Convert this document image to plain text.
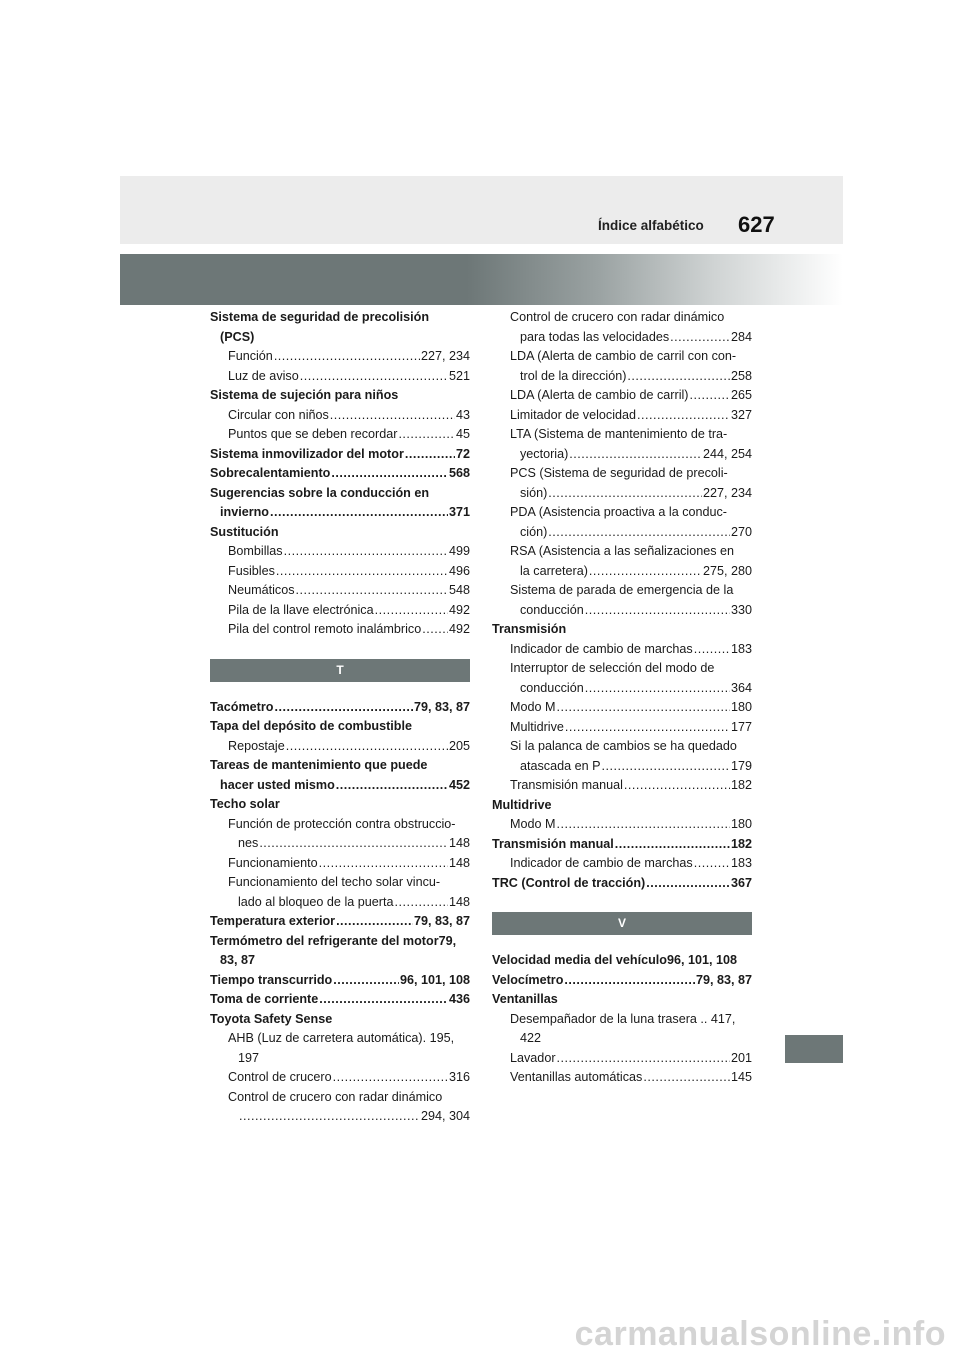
Índice alfabético 627
Sistema de seguridad de precolisión
(PCS)
Función .....	227, 234
Luz de aviso .....	521
Sistema de sujeción para niños
Circular con niños .....	43
Puntos que se deben recordar .....	45
Sistema inmovilizador del motor .....	72
Sobrecalentamiento .....	568
Sugerencias sobre la conducción en
invierno .....	371
Sustitución
Bombillas .....	499
Fusibles .....	496
Neumáticos .....	548
Pila de la llave electrónica .....	492
Pila del control remoto inalámbrico ..... 492
T
Tacómetro .....	79, 83, 87
Tapa del depósito de combustible
Repostaje .....	205
Tareas de mantenimiento que puede
hacer usted mismo .....	452
Techo solar
Función de protección contra obstruccio-
nes .....	148
Funcionamiento .....	148
Funcionamiento del techo solar vincu-
lado al bloqueo de la puerta .....	148
Temperatura exterior .....	79, 83, 87
Termómetro del refrigerante del motor79,
83, 87
Tiempo transcurrido .....	96, 101, 108
Toma de corriente .....	436
Toyota Safety Sense
AHB (Luz de carretera automática). 195,
197
Control de crucero .....	316
Control de crucero con radar dinámico
.....
294, 304
Control de crucero con radar dinámico
para todas las velocidades .....	284
LDA (Alerta de cambio de carril con con-
trol de la dirección) .....	258
LDA (Alerta de cambio de carril) .....	265
Limitador de velocidad .....	327
LTA (Sistema de mantenimiento de tra-
yectoria) .....	244, 254
PCS (Sistema de seguridad de precoli-
sión) .....	227, 234
PDA (Asistencia proactiva a la conduc-
ción) .....	270
RSA (Asistencia a las señalizaciones en
la carretera) .....	275, 280
Sistema de parada de emergencia de la
conducción .....	330
Transmisión
Indicador de cambio de marchas .....	183
Interruptor de selección del modo de
conducción .....	364
Modo M .....	180
Multidrive .....	177
Si la palanca de cambios se ha quedado
atascada en P .....	179
Transmisión manual .....	182
Multidrive
Modo M .....	180
Transmisión manual .....	182
Indicador de cambio de marchas .....	183
TRC (Control de tracción) .....	367
V
Velocidad media del vehículo96, 101, 108
Velocímetro .....	79, 83, 87
Ventanillas
Desempañador de la luna trasera .. 417,
422
Lavador .....	201
Ventanillas automáticas .....	145
carmanualsonline.info
